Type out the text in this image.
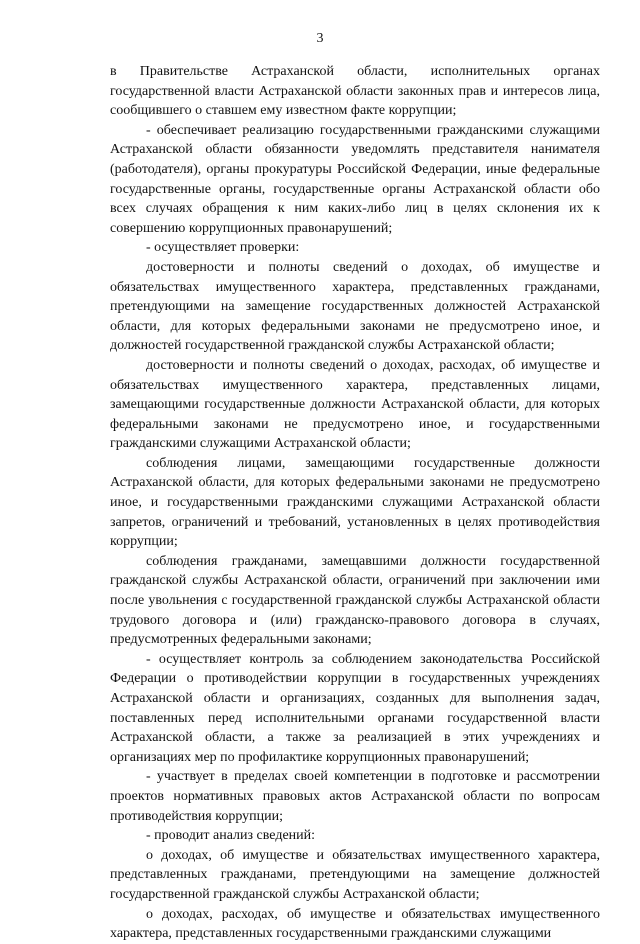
3

в Правительстве Астраханской области, исполнительных органах государственной власти Астраханской области законных прав и интересов лица, сообщившего о ставшем ему известном факте коррупции;

- обеспечивает реализацию государственными гражданскими служащими Астраханской области обязанности уведомлять представителя нанимателя (работодателя), органы прокуратуры Российской Федерации, иные федеральные государственные органы, государственные органы Астраханской области обо всех случаях обращения к ним каких-либо лиц в целях склонения их к совершению коррупционных правонарушений;

- осуществляет проверки:

достоверности и полноты сведений о доходах, об имуществе и обязательствах имущественного характера, представленных гражданами, претендующими на замещение государственных должностей Астраханской области, для которых федеральными законами не предусмотрено иное, и должностей государственной гражданской службы Астраханской области;

достоверности и полноты сведений о доходах, расходах, об имуществе и обязательствах имущественного характера, представленных лицами, замещающими государственные должности Астраханской области, для которых федеральными законами не предусмотрено иное, и государственными гражданскими служащими Астраханской области;

соблюдения лицами, замещающими государственные должности Астраханской области, для которых федеральными законами не предусмотрено иное, и государственными гражданскими служащими Астраханской области запретов, ограничений и требований, установленных в целях противодействия коррупции;

соблюдения гражданами, замещавшими должности государственной гражданской службы Астраханской области, ограничений при заключении ими после увольнения с государственной гражданской службы Астраханской области трудового договора и (или) гражданско-правового договора в случаях, предусмотренных федеральными законами;

- осуществляет контроль за соблюдением законодательства Российской Федерации о противодействии коррупции в государственных учреждениях Астраханской области и организациях, созданных для выполнения задач, поставленных перед исполнительными органами государственной власти Астраханской области, а также за реализацией в этих учреждениях и организациях мер по профилактике коррупционных правонарушений;

- участвует в пределах своей компетенции в подготовке и рассмотрении проектов нормативных правовых актов Астраханской области по вопросам противодействия коррупции;

- проводит анализ сведений:

о доходах, об имуществе и обязательствах имущественного характера, представленных гражданами, претендующими на замещение должностей государственной гражданской службы Астраханской области;

о доходах, расходах, об имуществе и обязательствах имущественного характера, представленных государственными гражданскими служащими
